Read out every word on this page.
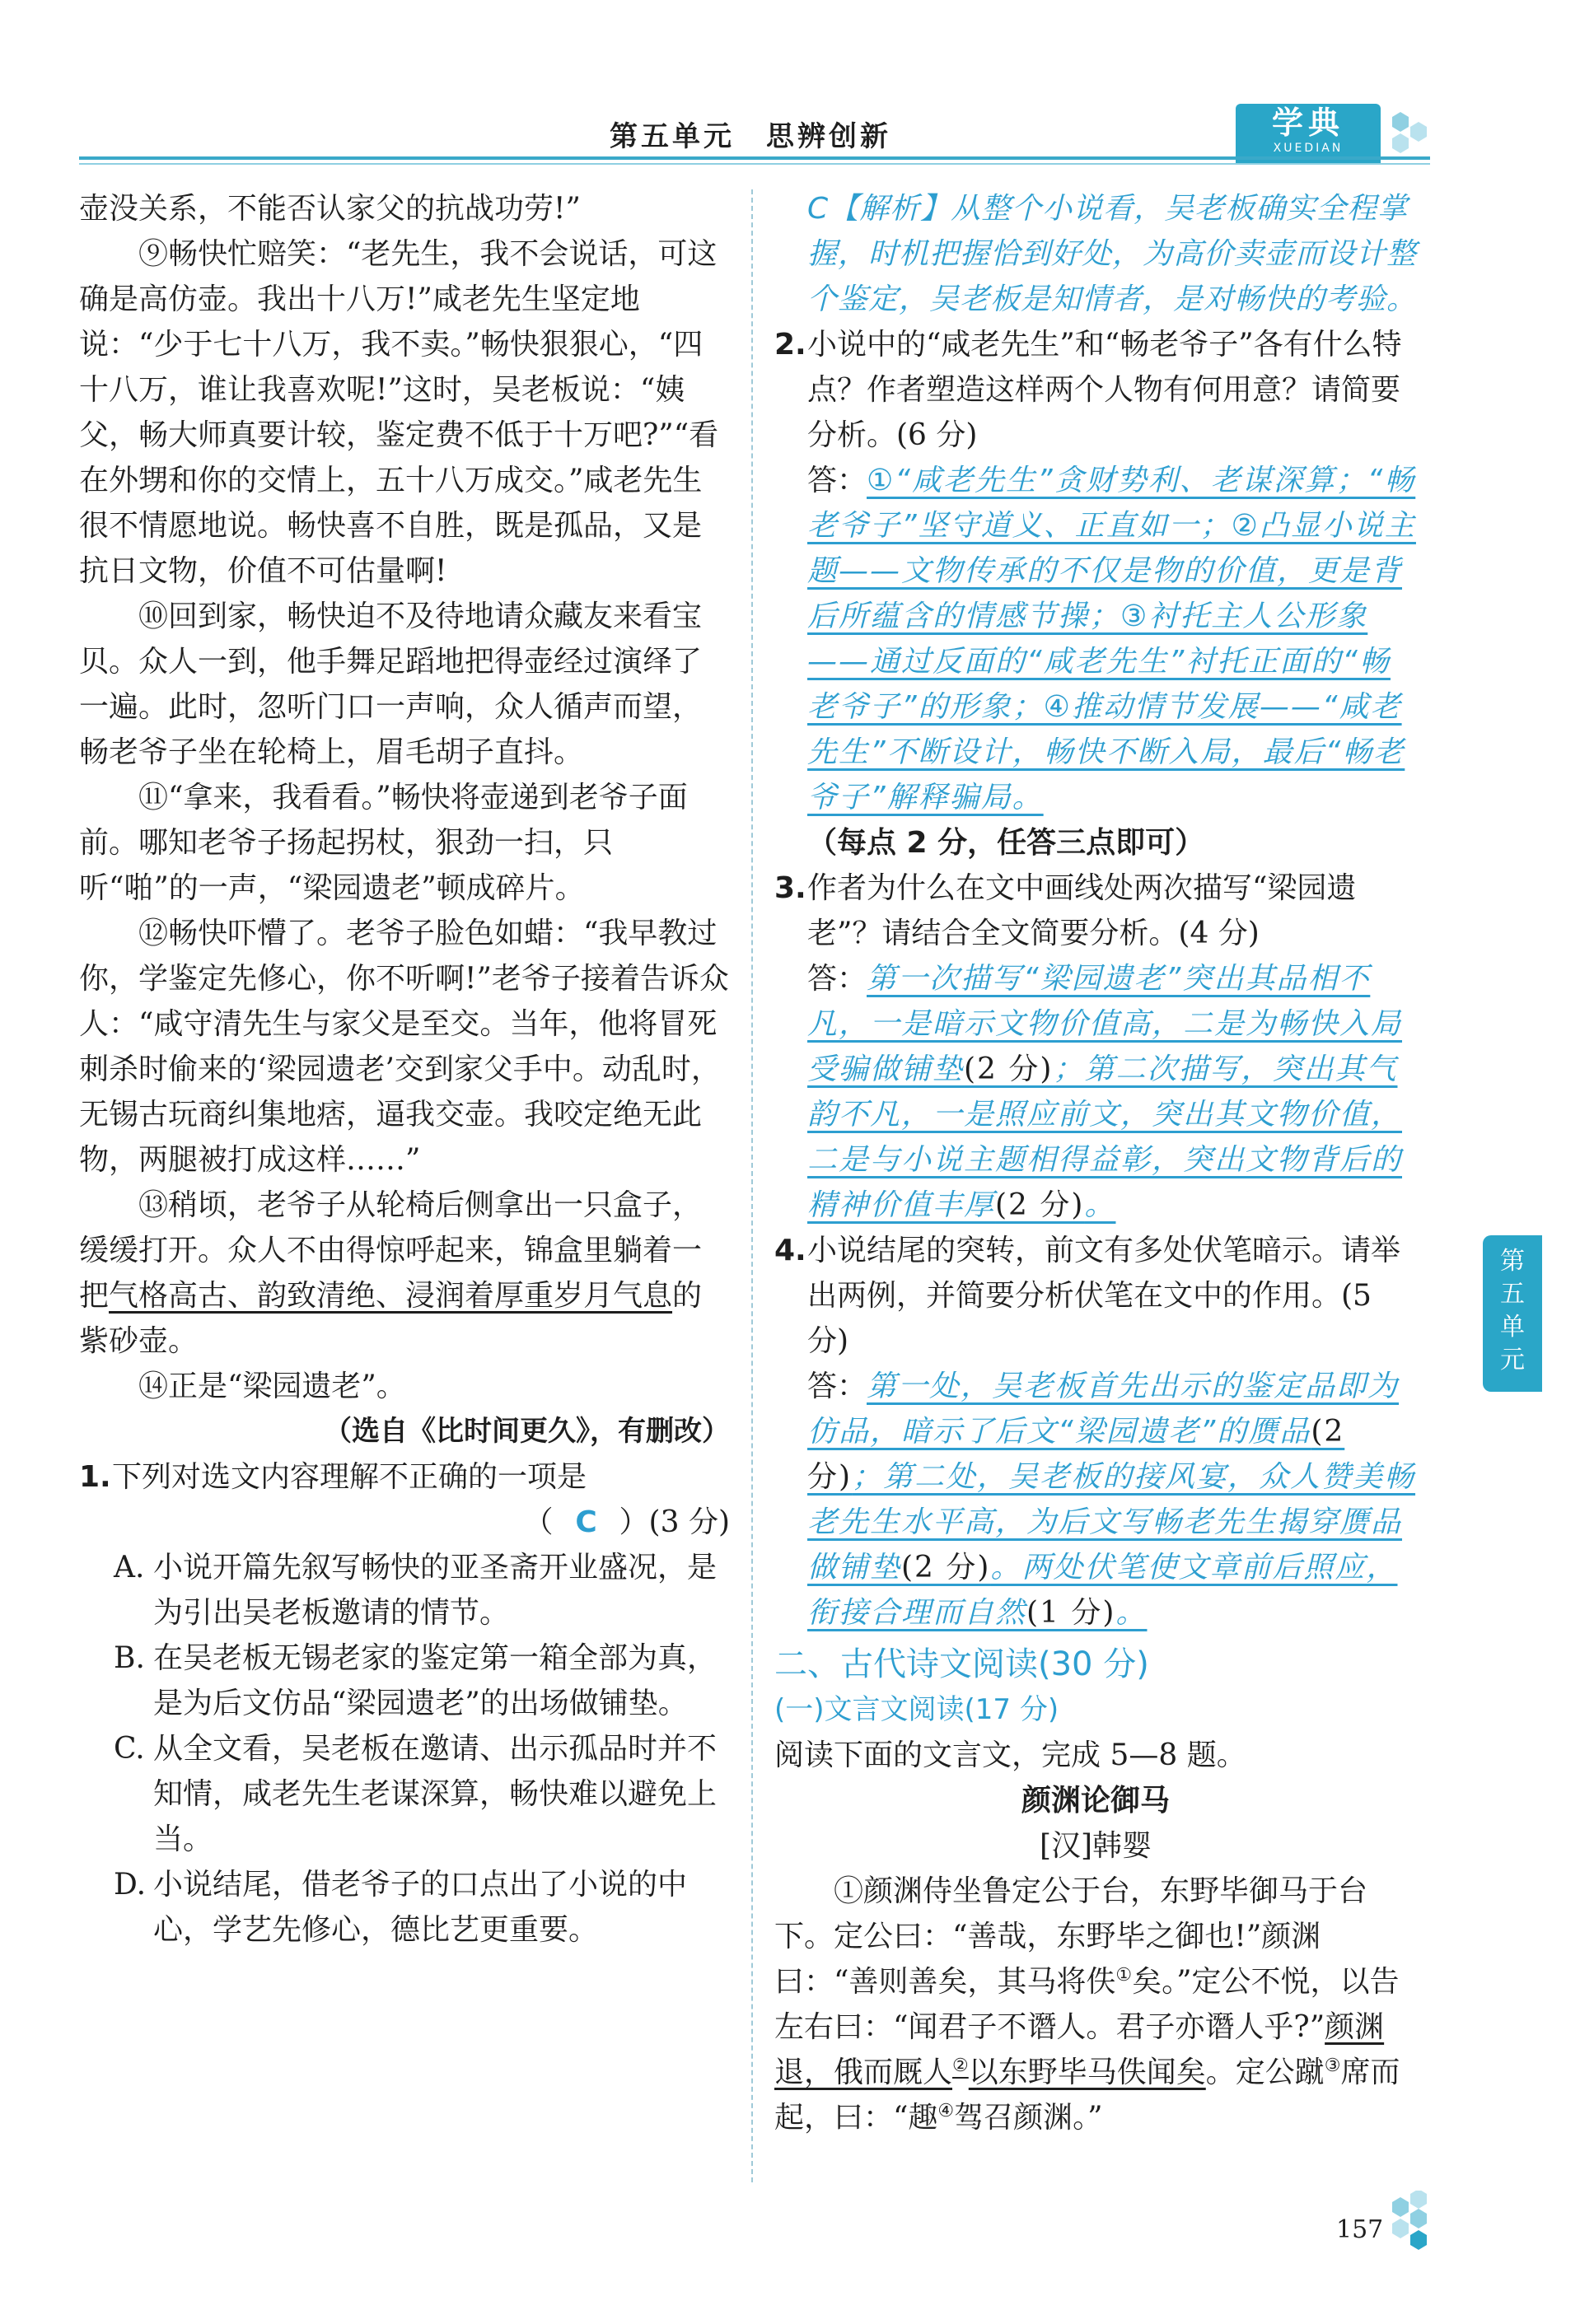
第五单元　思辨创新	学典
XUEDIAN

壶没关系，不能否认家父的抗战功劳!”

⑨畅快忙赔笑：“老先生，我不会说话，可这确是高仿壶。我出十八万!”咸老先生坚定地说：“少于七十八万，我不卖。”畅快狠狠心，“四十八万，谁让我喜欢呢!”这时，吴老板说：“姨父，畅大师真要计较，鉴定费不低于十万吧?”“看在外甥和你的交情上，五十八万成交。”咸老先生很不情愿地说。畅快喜不自胜，既是孤品，又是抗日文物，价值不可估量啊!

⑩回到家，畅快迫不及待地请众藏友来看宝贝。众人一到，他手舞足蹈地把得壶经过演绎了一遍。此时，忽听门口一声响，众人循声而望，畅老爷子坐在轮椅上，眉毛胡子直抖。

⑪“拿来，我看看。”畅快将壶递到老爷子面前。哪知老爷子扬起拐杖，狠劲一扫，只听“啪”的一声，“梁园遗老”顿成碎片。

⑫畅快吓懵了。老爷子脸色如蜡：“我早教过你，学鉴定先修心，你不听啊!”老爷子接着告诉众人：“咸守清先生与家父是至交。当年，他将冒死刺杀时偷来的‘梁园遗老’交到家父手中。动乱时，无锡古玩商纠集地痞，逼我交壶。我咬定绝无此物，两腿被打成这样……”

⑬稍顷，老爷子从轮椅后侧拿出一只盒子，缓缓打开。众人不由得惊呼起来，锦盒里躺着一把气格高古、韵致清绝、浸润着厚重岁月气息的紫砂壶。

⑭正是“梁园遗老”。

（选自《比时间更久》，有删改）

1. 下列对选文内容理解不正确的一项是

（ C ）(3 分)

A. 小说开篇先叙写畅快的亚圣斋开业盛况，是为引出吴老板邀请的情节。

B. 在吴老板无锡老家的鉴定第一箱全部为真，是为后文仿品“梁园遗老”的出场做铺垫。

C. 从全文看，吴老板在邀请、出示孤品时并不知情，咸老先生老谋深算，畅快难以避免上当。

D. 小说结尾，借老爷子的口点出了小说的中心，学艺先修心，德比艺更重要。

C【解析】从整个小说看，吴老板确实全程掌握，时机把握恰到好处，为高价卖壶而设计整个鉴定，吴老板是知情者，是对畅快的考验。

2. 小说中的“咸老先生”和“畅老爷子”各有什么特点？作者塑造这样两个人物有何用意？请简要分析。(6 分)

答：①“咸老先生”贪财势利、老谋深算；“畅老爷子”坚守道义、正直如一；②凸显小说主题——文物传承的不仅是物的价值，更是背后所蕴含的情感节操；③衬托主人公形象——通过反面的“咸老先生”衬托正面的“畅老爷子”的形象；④推动情节发展——“咸老先生”不断设计，畅快不断入局，最后“畅老爷子”解释骗局。（每点 2 分，任答三点即可）

3. 作者为什么在文中画线处两次描写“梁园遗老”？请结合全文简要分析。(4 分)

答：第一次描写“梁园遗老”突出其品相不凡，一是暗示文物价值高，二是为畅快入局受骗做铺垫(2 分)；第二次描写，突出其气韵不凡，一是照应前文，突出其文物价值，二是与小说主题相得益彰，突出文物背后的精神价值丰厚(2 分)。

4. 小说结尾的突转，前文有多处伏笔暗示。请举出两例，并简要分析伏笔在文中的作用。(5 分)

答：第一处，吴老板首先出示的鉴定品即为仿品，暗示了后文“梁园遗老”的赝品(2 分)；第二处，吴老板的接风宴，众人赞美畅老先生水平高，为后文写畅老先生揭穿赝品做铺垫(2 分)。两处伏笔使文章前后照应，衔接合理而自然(1 分)。

二、古代诗文阅读(30 分)

(一)文言文阅读(17 分)

阅读下面的文言文，完成 5—8 题。

颜渊论御马

[汉]韩婴

①颜渊侍坐鲁定公于台，东野毕御马于台下。定公曰：“善哉，东野毕之御也!”颜渊曰：“善则善矣，其马将佚①矣。”定公不悦，以告左右曰：“闻君子不谮人。君子亦谮人乎?”颜渊退，俄而厩人②以东野毕马佚闻矣。定公蹴③席而起，曰：“趣④驾召颜渊。”

第
五
单
元
157
